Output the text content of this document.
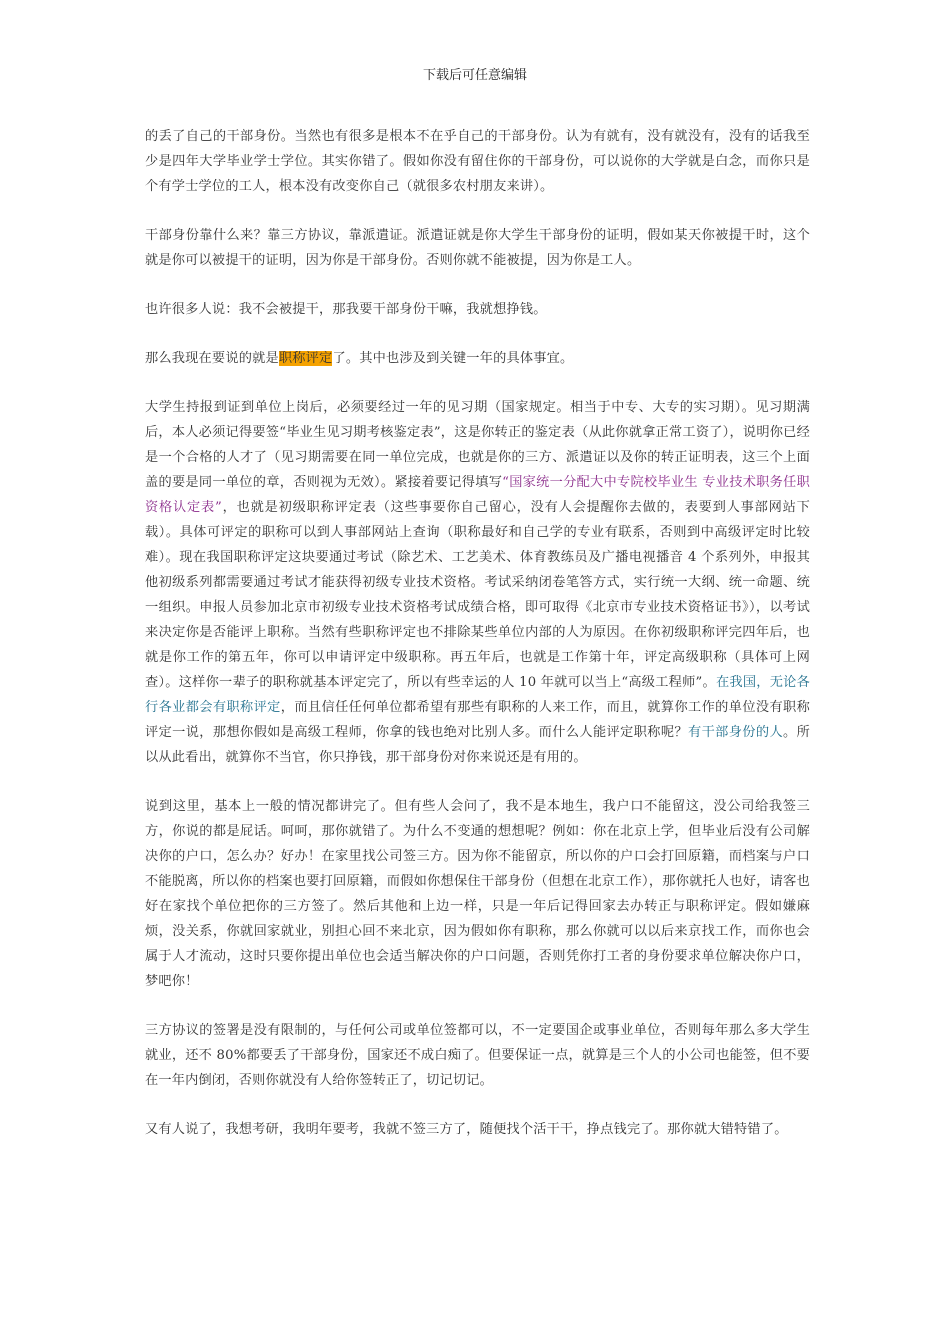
下载后可任意编辑

的丢了自己的干部身份。当然也有很多是根本不在乎自己的干部身份。认为有就有，没有就没有，没有的话我至少是四年大学毕业学士学位。其实你错了。假如你没有留住你的干部身份，可以说你的大学就是白念，而你只是个有学士学位的工人，根本没有改变你自己（就很多农村朋友来讲）。

干部身份靠什么来？靠三方协议，靠派遣证。派遣证就是你大学生干部身份的证明，假如某天你被提干时，这个就是你可以被提干的证明，因为你是干部身份。否则你就不能被提，因为你是工人。

也许很多人说：我不会被提干，那我要干部身份干嘛，我就想挣钱。

那么我现在要说的就是职称评定了。其中也涉及到关键一年的具体事宜。

大学生持报到证到单位上岗后，必须要经过一年的见习期（国家规定。相当于中专、大专的实习期）。见习期满后，本人必须记得要签“毕业生见习期考核鉴定表”，这是你转正的鉴定表（从此你就拿正常工资了），说明你已经是一个合格的人才了（见习期需要在同一单位完成，也就是你的三方、派遣证以及你的转正证明表，这三个上面盖的要是同一单位的章，否则视为无效）。紧接着要记得填写“国家统一分配大中专院校毕业生 专业技术职务任职资格认定表”，也就是初级职称评定表（这些事要你自己留心，没有人会提醒你去做的，表要到人事部网站下载）。具体可评定的职称可以到人事部网站上查询（职称最好和自己学的专业有联系，否则到中高级评定时比较难）。现在我国职称评定这块要通过考试（除艺术、工艺美术、体育教练员及广播电视播音 4 个系列外，申报其他初级系列都需要通过考试才能获得初级专业技术资格。考试采纳闭卷笔答方式，实行统一大纲、统一命题、统一组织。申报人员参加北京市初级专业技术资格考试成绩合格，即可取得《北京市专业技术资格证书》），以考试来决定你是否能评上职称。当然有些职称评定也不排除某些单位内部的人为原因。在你初级职称评完四年后，也就是你工作的第五年，你可以申请评定中级职称。再五年后，也就是工作第十年，评定高级职称（具体可上网查）。这样你一辈子的职称就基本评定完了，所以有些幸运的人 10 年就可以当上“高级工程师”。在我国，无论各行各业都会有职称评定，而且信任任何单位都希望有那些有职称的人来工作，而且，就算你工作的单位没有职称评定一说，那想你假如是高级工程师，你拿的钱也绝对比别人多。而什么人能评定职称呢？有干部身份的人。所以从此看出，就算你不当官，你只挣钱，那干部身份对你来说还是有用的。

说到这里，基本上一般的情况都讲完了。但有些人会问了，我不是本地生，我户口不能留这，没公司给我签三方，你说的都是屁话。呵呵，那你就错了。为什么不变通的想想呢？例如：你在北京上学，但毕业后没有公司解决你的户口，怎么办？好办！在家里找公司签三方。因为你不能留京，所以你的户口会打回原籍，而档案与户口不能脱离，所以你的档案也要打回原籍，而假如你想保住干部身份（但想在北京工作），那你就托人也好，请客也好在家找个单位把你的三方签了。然后其他和上边一样，只是一年后记得回家去办转正与职称评定。假如嫌麻烦，没关系，你就回家就业，别担心回不来北京，因为假如你有职称，那么你就可以以后来京找工作，而你也会属于人才流动，这时只要你提出单位也会适当解决你的户口问题，否则凭你打工者的身份要求单位解决你户口，梦吧你！

三方协议的签署是没有限制的，与任何公司或单位签都可以，不一定要国企或事业单位，否则每年那么多大学生就业，还不 80%都要丢了干部身份，国家还不成白痴了。但要保证一点，就算是三个人的小公司也能签，但不要在一年内倒闭，否则你就没有人给你签转正了，切记切记。

又有人说了，我想考研，我明年要考，我就不签三方了，随便找个活干干，挣点钱完了。那你就大错特错了。
